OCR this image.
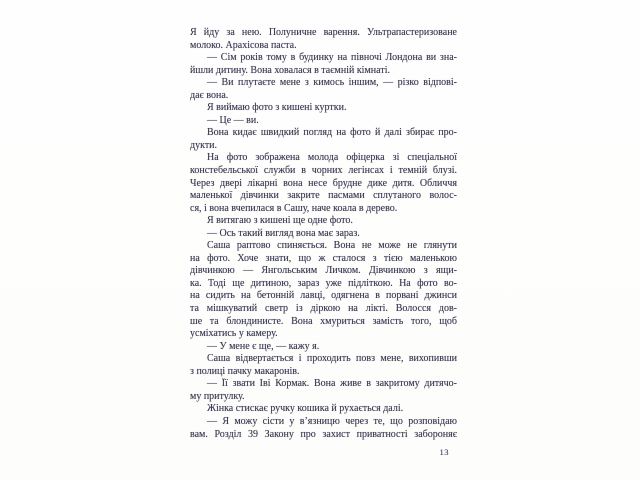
Я йду за нею. Полуничне варення. Ультрапастеризоване
молоко. Арахісова паста.
— Сім років тому в будинку на півночі Лондона ви зна-
йшли дитину. Вона ховалася в таємній кімнаті.
— Ви плутаєте мене з кимось іншим, — різко відпові-
дає вона.
Я виймаю фото з кишені куртки.
— Це — ви.
Вона кидає швидкий погляд на фото й далі збирає про-
дукти.
На фото зображена молода офіцерка зі спеціальної
констебельської служби в чорних легінсах і темній блузі.
Через двері лікарні вона несе брудне дике дитя. Обличчя
маленької дівчинки закрите пасмами сплутаного волос-
ся, і вона вчепилася в Сашу, наче коала в дерево.
Я витягаю з кишені ще одне фото.
— Ось такий вигляд вона має зараз.
Саша раптово спиняється. Вона не може не глянути
на фото. Хоче знати, що ж сталося з тією маленькою
дівчинкою — Янгольським Личком. Дівчинкою з ящи-
ка. Тоді ще дитиною, зараз уже підліткою. На фото во-
на сидить на бетонній лавці, одягнена в порвані джинси
та мішкуватий светр із діркою на лікті. Волосся дов-
ше та блондинисте. Вона хмуриться замість того, щоб
усміхатись у камеру.
— У мене є ще, — кажу я.
Саша відвертається і проходить повз мене, вихопивши
з полиці пачку макаронів.
— Її звати Іві Кормак. Вона живе в закритому дитячо-
му притулку.
Жінка стискає ручку кошика й рухається далі.
— Я можу сісти у в’язницю через те, що розповідаю
вам. Розділ 39 Закону про захист приватності забороняє
13
